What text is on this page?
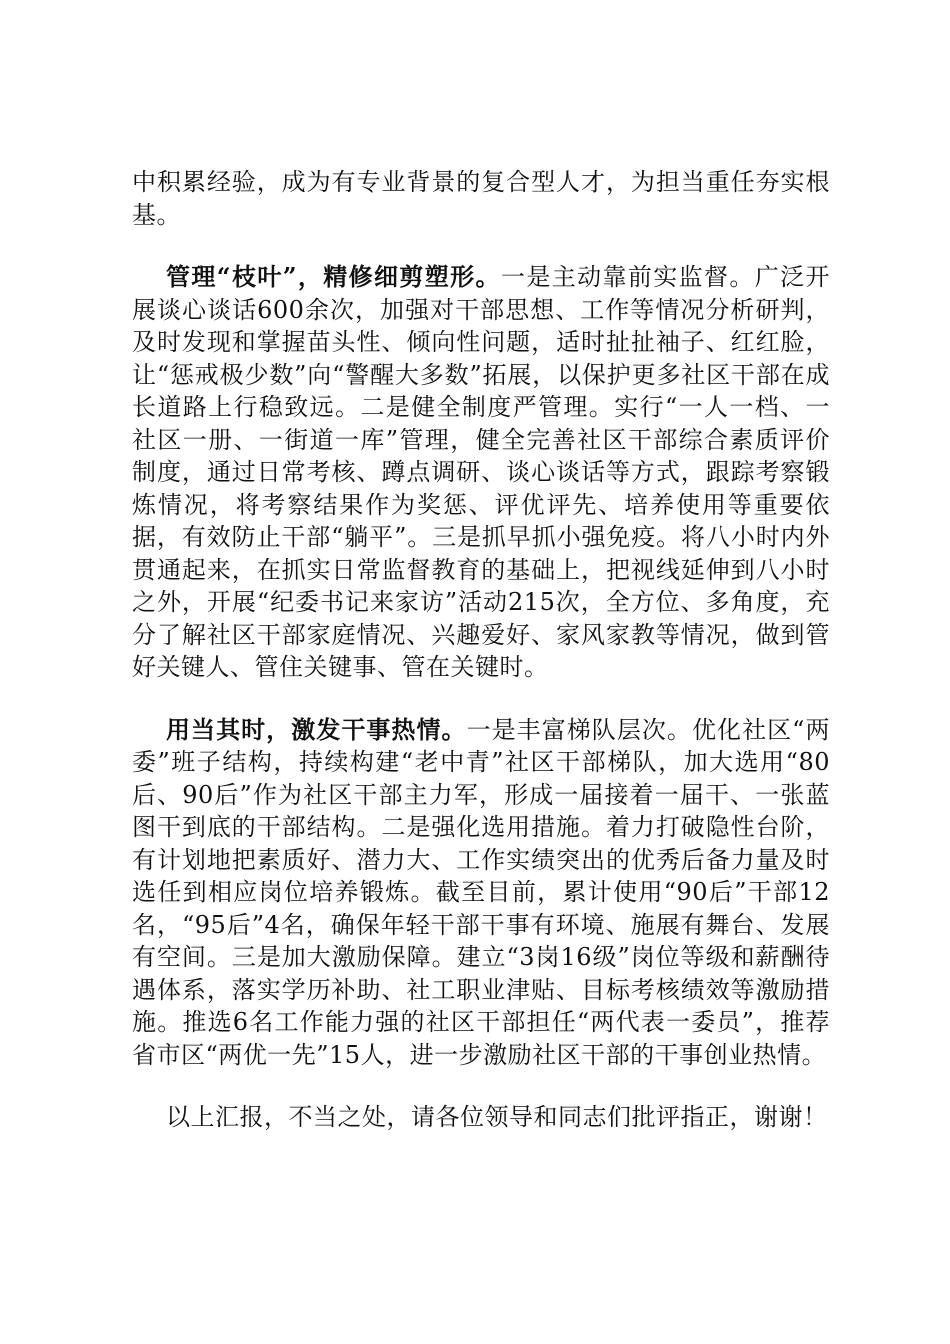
中积累经验，成为有专业背景的复合型人才，为担当重任夯实根基。

管理“枝叶”，精修细剪塑形。一是主动靠前实监督。广泛开展谈心谈话600余次，加强对干部思想、工作等情况分析研判，及时发现和掌握苗头性、倾向性问题，适时扯扯袖子、红红脸，让“惩戒极少数”向“警醒大多数”拓展，以保护更多社区干部在成长道路上行稳致远。二是健全制度严管理。实行“一人一档、一社区一册、一街道一库”管理，健全完善社区干部综合素质评价制度，通过日常考核、蹲点调研、谈心谈话等方式，跟踪考察锻炼情况，将考察结果作为奖惩、评优评先、培养使用等重要依据，有效防止干部“躺平”。三是抓早抓小强免疫。将八小时内外贯通起来，在抓实日常监督教育的基础上，把视线延伸到八小时之外，开展“纪委书记来家访”活动215次，全方位、多角度，充分了解社区干部家庭情况、兴趣爱好、家风家教等情况，做到管好关键人、管住关键事、管在关键时。

用当其时，激发干事热情。一是丰富梯队层次。优化社区“两委”班子结构，持续构建“老中青”社区干部梯队，加大选用“80后、90后”作为社区干部主力军，形成一届接着一届干、一张蓝图干到底的干部结构。二是强化选用措施。着力打破隐性台阶，有计划地把素质好、潜力大、工作实绩突出的优秀后备力量及时选任到相应岗位培养锻炼。截至目前，累计使用“90后”干部12名，“95后”4名，确保年轻干部干事有环境、施展有舞台、发展有空间。三是加大激励保障。建立“3岗16级”岗位等级和薪酬待遇体系，落实学历补助、社工职业津贴、目标考核绩效等激励措施。推选6名工作能力强的社区干部担任“两代表一委员”，推荐省市区“两优一先”15人，进一步激励社区干部的干事创业热情。

以上汇报，不当之处，请各位领导和同志们批评指正，谢谢！
